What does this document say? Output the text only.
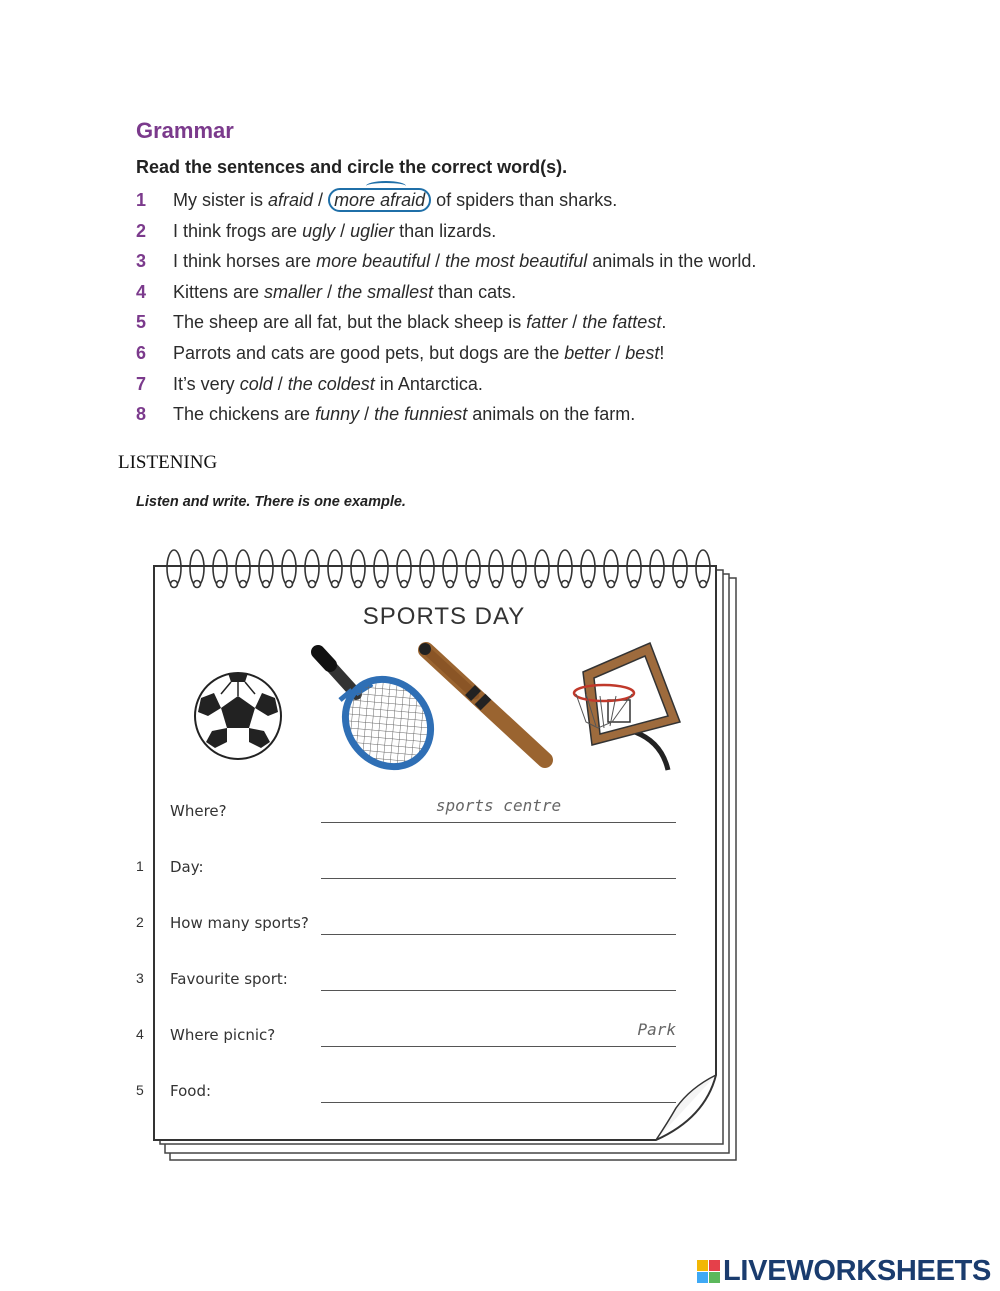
Grammar
Read the sentences and circle the correct word(s).
1 My sister is afraid / more afraid of spiders than sharks.
2 I think frogs are ugly / uglier than lizards.
3 I think horses are more beautiful / the most beautiful animals in the world.
4 Kittens are smaller / the smallest than cats.
5 The sheep are all fat, but the black sheep is fatter / the fattest.
6 Parrots and cats are good pets, but dogs are the better / best!
7 It’s very cold / the coldest in Antarctica.
8 The chickens are funny / the funniest animals on the farm.
LISTENING
Listen and write. There is one example.
SPORTS DAY
Where?	sports centre
1 Day:
2 How many sports?
3 Favourite sport:
4 Where picnic?	Park
5 Food:
LIVEWORKSHEETS
